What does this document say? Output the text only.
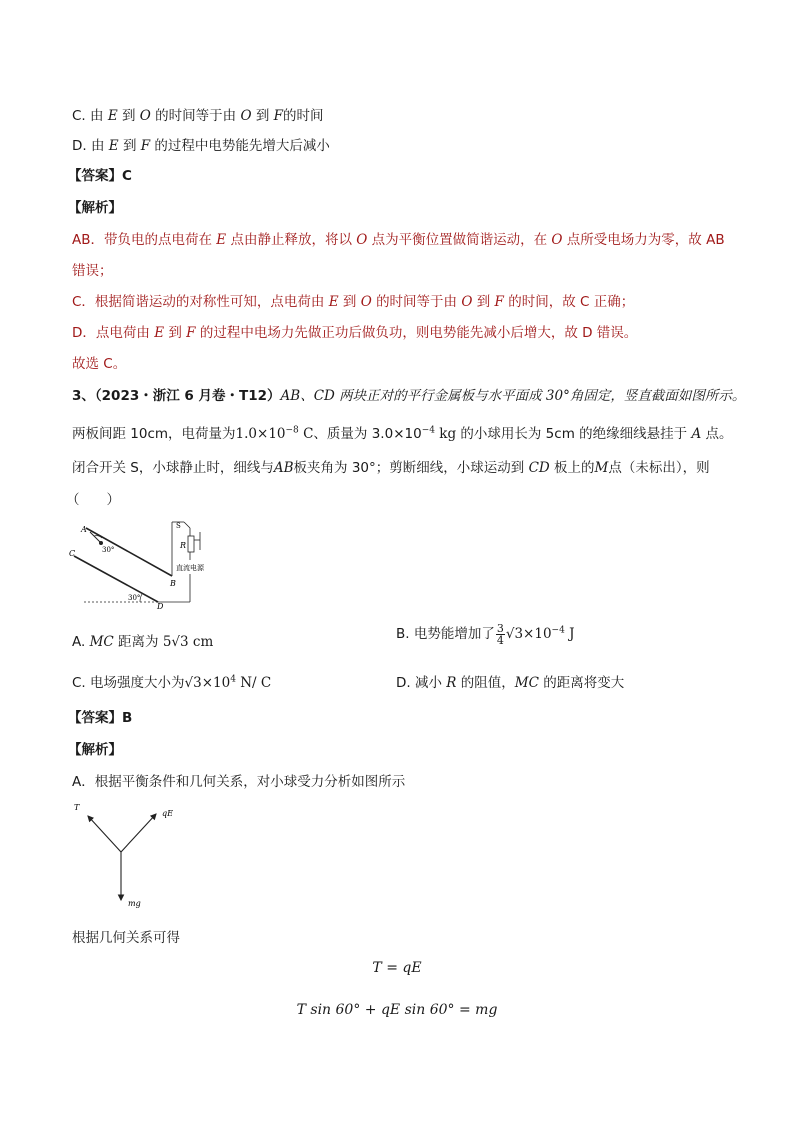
C. 由 E 到 O 的时间等于由 O 到 F的时间
D. 由 E 到 F 的过程中电势能先增大后减小
【答案】C
【解析】
AB．带负电的点电荷在 E 点由静止释放，将以 O 点为平衡位置做简谐运动，在 O 点所受电场力为零，故 AB
错误；
C．根据简谐运动的对称性可知，点电荷由 E 到 O 的时间等于由 O 到 F 的时间，故 C 正确；
D．点电荷由 E 到 F 的过程中电场力先做正功后做负功，则电势能先减小后增大，故 D 错误。
故选 C。
3、（2023・浙江 6 月卷・T12）AB、CD 两块正对的平行金属板与水平面成 30°角固定，竖直截面如图所示。
两板间距 10cm，电荷量为$1.0\times 10^{-8}$ C、质量为 $3.0\times 10^{-4}$ kg 的小球用长为 5cm 的绝缘细线悬挂于 A 点。
闭合开关 S，小球静止时，细线与AB板夹角为 30°；剪断细线，小球运动到 CD 板上的M点（未标出），则
（　　）
A
C
B
D
S
R
30°
30°
直流电源
A. MC 距离为 5√3 cm	B. 电势能增加了 $\frac{3}{4} √3\times 10^{-4}$ J
C. 电场强度大小为$√3\times 10^4$ N/ C	D. 减小 R 的阻值，MC 的距离将变大
【答案】B
【解析】
A．根据平衡条件和几何关系，对小球受力分析如图所示
T
qE
mg
根据几何关系可得
T = qE
T sin 60° + qE sin 60° = mg
